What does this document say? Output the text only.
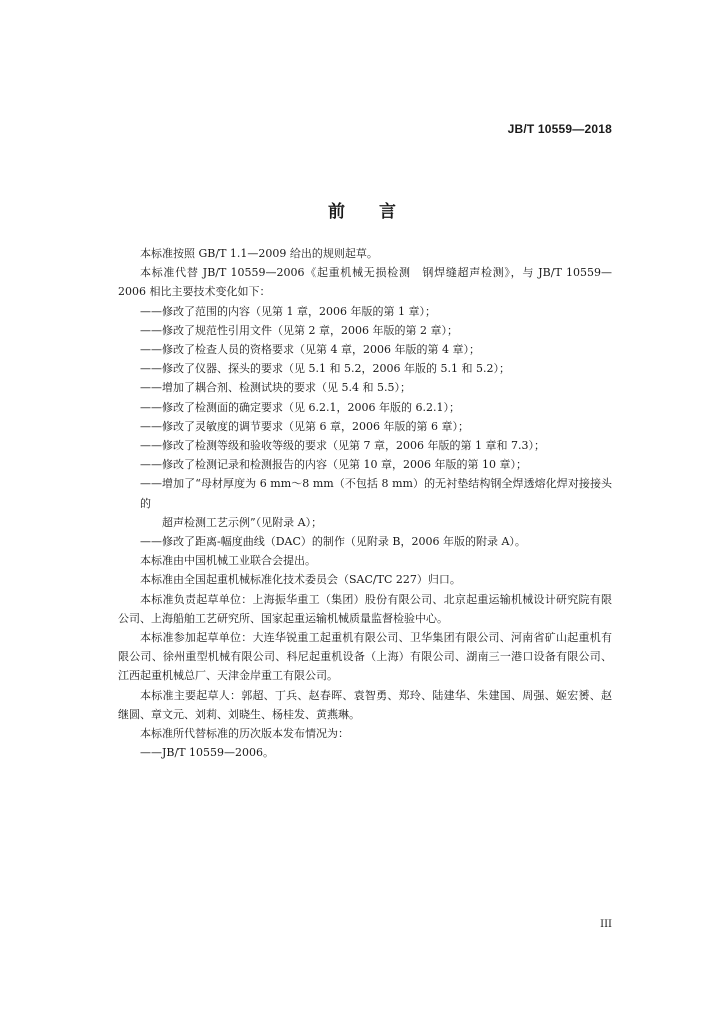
JB/T 10559—2018
前言

本标准按照 GB/T 1.1—2009 给出的规则起草。

本标准代替 JB/T 10559—2006《起重机械无损检测　钢焊缝超声检测》，与 JB/T 10559—2006 相比主要技术变化如下：

——修改了范围的内容（见第 1 章，2006 年版的第 1 章）；

——修改了规范性引用文件（见第 2 章，2006 年版的第 2 章）；

——修改了检查人员的资格要求（见第 4 章，2006 年版的第 4 章）；

——修改了仪器、探头的要求（见 5.1 和 5.2，2006 年版的 5.1 和 5.2）；

——增加了耦合剂、检测试块的要求（见 5.4 和 5.5）；

——修改了检测面的确定要求（见 6.2.1，2006 年版的 6.2.1）；

——修改了灵敏度的调节要求（见第 6 章，2006 年版的第 6 章）；

——修改了检测等级和验收等级的要求（见第 7 章，2006 年版的第 1 章和 7.3）；

——修改了检测记录和检测报告的内容（见第 10 章，2006 年版的第 10 章）；

——增加了“母材厚度为 6 mm～8 mm（不包括 8 mm）的无衬垫结构钢全焊透熔化焊对接接头的
超声检测工艺示例”（见附录 A）；

——修改了距离-幅度曲线（DAC）的制作（见附录 B，2006 年版的附录 A）。

本标准由中国机械工业联合会提出。

本标准由全国起重机械标准化技术委员会（SAC/TC 227）归口。

本标准负责起草单位：上海振华重工（集团）股份有限公司、北京起重运输机械设计研究院有限公司、上海船舶工艺研究所、国家起重运输机械质量监督检验中心。

本标准参加起草单位：大连华锐重工起重机有限公司、卫华集团有限公司、河南省矿山起重机有限公司、徐州重型机械有限公司、科尼起重机设备（上海）有限公司、湖南三一港口设备有限公司、江西起重机械总厂、天津金岸重工有限公司。

本标准主要起草人：郭超、丁兵、赵春晖、袁智勇、郑玲、陆建华、朱建国、周强、姬宏赟、赵继圆、章文元、刘莉、刘晓生、杨桂发、黄燕琳。

本标准所代替标准的历次版本发布情况为：

——JB/T 10559—2006。

III
